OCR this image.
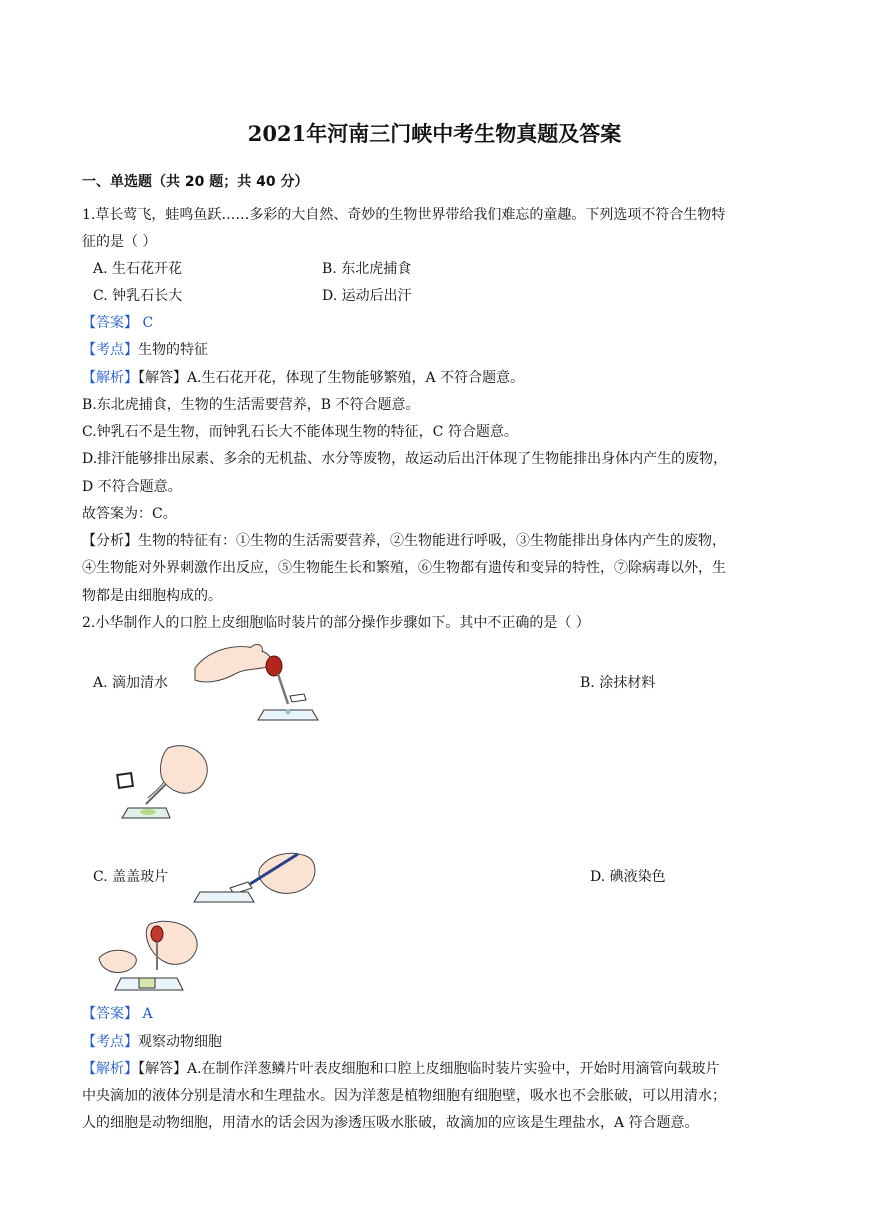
2021年河南三门峡中考生物真题及答案
一、单选题（共 20 题；共 40 分）
1.草长莺飞，蛙鸣鱼跃……多彩的大自然、奇妙的生物世界带给我们难忘的童趣。下列选项不符合生物特
征的是（ ）
A. 生石花开花	B. 东北虎捕食
C. 钟乳石长大	D. 运动后出汗
【答案】 C
【考点】生物的特征
【解析】【解答】A.生石花开花，体现了生物能够繁殖，A 不符合题意。
B.东北虎捕食，生物的生活需要营养，B 不符合题意。
C.钟乳石不是生物，而钟乳石长大不能体现生物的特征，C 符合题意。
D.排汗能够排出尿素、多余的无机盐、水分等废物，故运动后出汗体现了生物能排出身体内产生的废物，
D 不符合题意。
故答案为：C。
【分析】生物的特征有：①生物的生活需要营养，②生物能进行呼吸，③生物能排出身体内产生的废物，
④生物能对外界刺激作出反应，⑤生物能生长和繁殖，⑥生物都有遗传和变异的特性，⑦除病毒以外，生
物都是由细胞构成的。
2.小华制作人的口腔上皮细胞临时装片的部分操作步骤如下。其中不正确的是（ ）
A. 滴加清水	B. 涂抹材料
C. 盖盖玻片	D. 碘液染色
【答案】 A
【考点】观察动物细胞
【解析】【解答】A.在制作洋葱鳞片叶表皮细胞和口腔上皮细胞临时装片实验中，开始时用滴管向载玻片
中央滴加的液体分别是清水和生理盐水。因为洋葱是植物细胞有细胞壁，吸水也不会胀破，可以用清水；
人的细胞是动物细胞，用清水的话会因为渗透压吸水胀破，故滴加的应该是生理盐水，A 符合题意。
